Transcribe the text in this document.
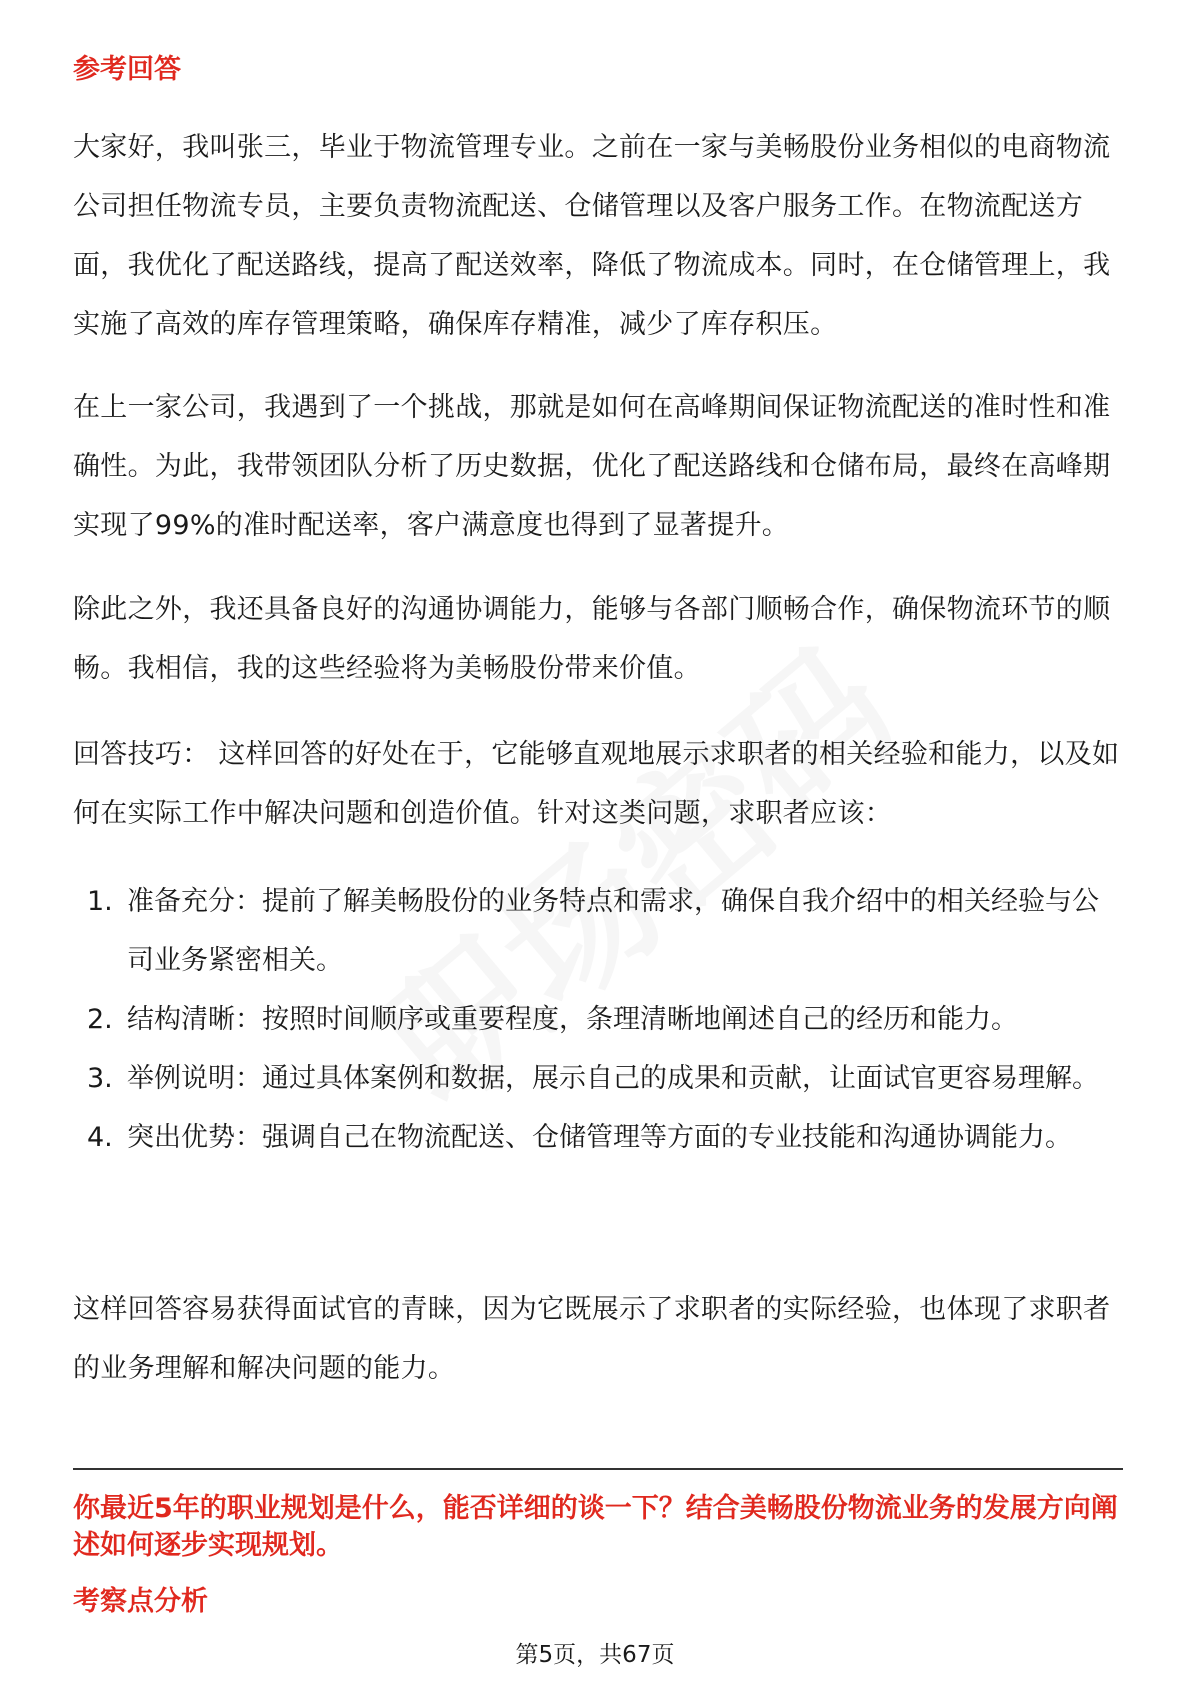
参考回答

大家好，我叫张三，毕业于物流管理专业。之前在一家与美畅股份业务相似的电商物流公司担任物流专员，主要负责物流配送、仓储管理以及客户服务工作。在物流配送方面，我优化了配送路线，提高了配送效率，降低了物流成本。同时，在仓储管理上，我实施了高效的库存管理策略，确保库存精准，减少了库存积压。

在上一家公司，我遇到了一个挑战，那就是如何在高峰期间保证物流配送的准时性和准确性。为此，我带领团队分析了历史数据，优化了配送路线和仓储布局，最终在高峰期实现了99%的准时配送率，客户满意度也得到了显著提升。

除此之外，我还具备良好的沟通协调能力，能够与各部门顺畅合作，确保物流环节的顺畅。我相信，我的这些经验将为美畅股份带来价值。

回答技巧： 这样回答的好处在于，它能够直观地展示求职者的相关经验和能力，以及如何在实际工作中解决问题和创造价值。针对这类问题，求职者应该：

1. 准备充分：提前了解美畅股份的业务特点和需求，确保自我介绍中的相关经验与公司业务紧密相关。
2. 结构清晰：按照时间顺序或重要程度，条理清晰地阐述自己的经历和能力。
3. 举例说明：通过具体案例和数据，展示自己的成果和贡献，让面试官更容易理解。
4. 突出优势：强调自己在物流配送、仓储管理等方面的专业技能和沟通协调能力。

这样回答容易获得面试官的青睐，因为它既展示了求职者的实际经验，也体现了求职者的业务理解和解决问题的能力。

你最近5年的职业规划是什么，能否详细的谈一下？结合美畅股份物流业务的发展方向阐述如何逐步实现规划。

考察点分析
第5页，共67页
